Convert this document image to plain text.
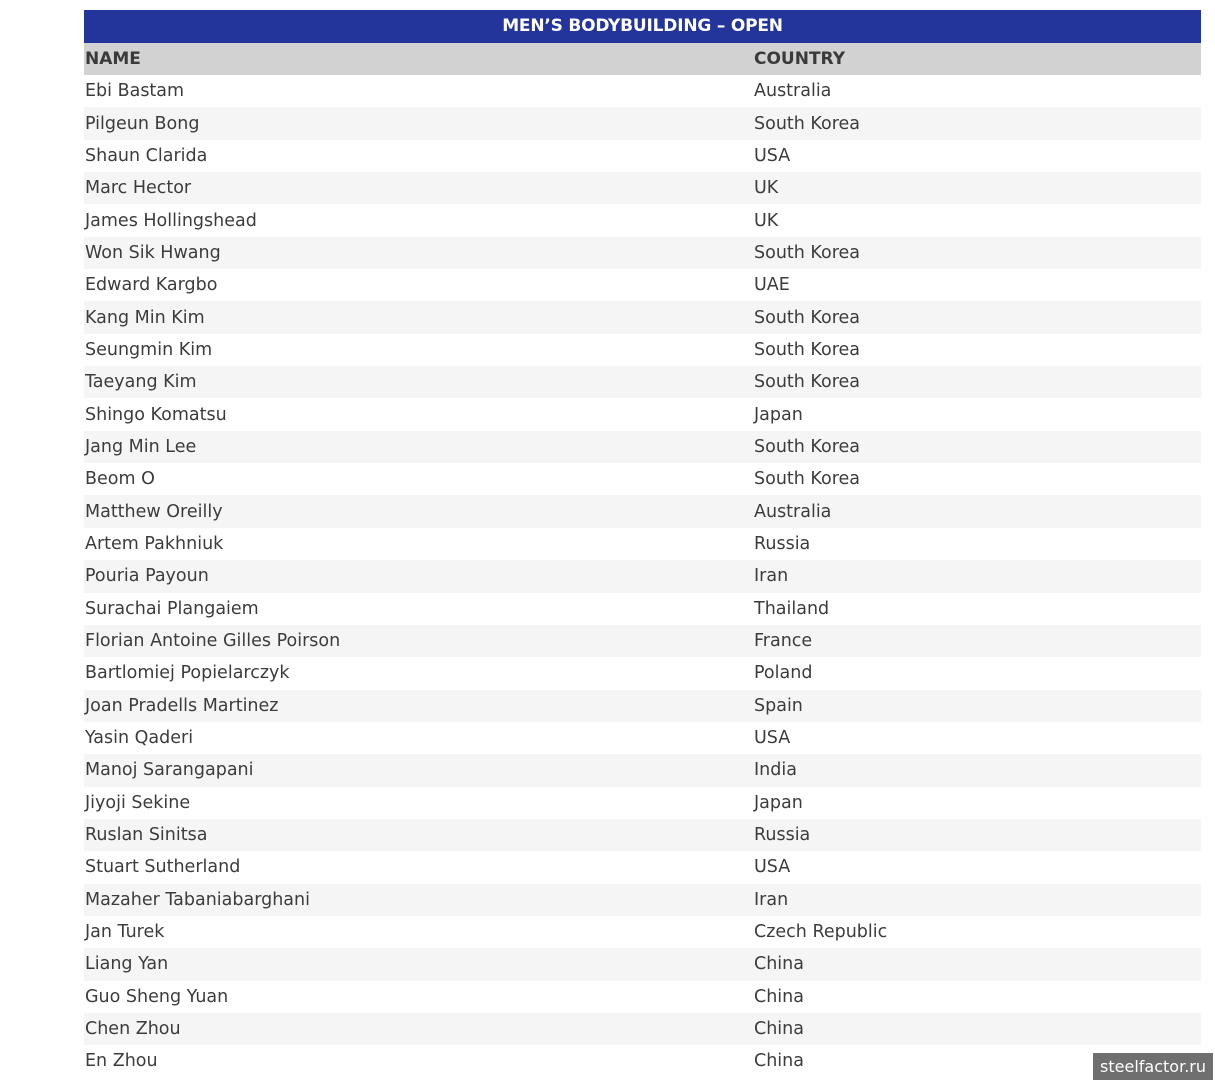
MEN’S BODYBUILDING – OPEN
NAME	COUNTRY
Ebi Bastam	Australia
Pilgeun Bong	South Korea
Shaun Clarida	USA
Marc Hector	UK
James Hollingshead	UK
Won Sik Hwang	South Korea
Edward Kargbo	UAE
Kang Min Kim	South Korea
Seungmin Kim	South Korea
Taeyang Kim	South Korea
Shingo Komatsu	Japan
Jang Min Lee	South Korea
Beom O	South Korea
Matthew Oreilly	Australia
Artem Pakhniuk	Russia
Pouria Payoun	Iran
Surachai Plangaiem	Thailand
Florian Antoine Gilles Poirson	France
Bartlomiej Popielarczyk	Poland
Joan Pradells Martinez	Spain
Yasin Qaderi	USA
Manoj Sarangapani	India
Jiyoji Sekine	Japan
Ruslan Sinitsa	Russia
Stuart Sutherland	USA
Mazaher Tabaniabarghani	Iran
Jan Turek	Czech Republic
Liang Yan	China
Guo Sheng Yuan	China
Chen Zhou	China
En Zhou	China	steelfactor.ru
